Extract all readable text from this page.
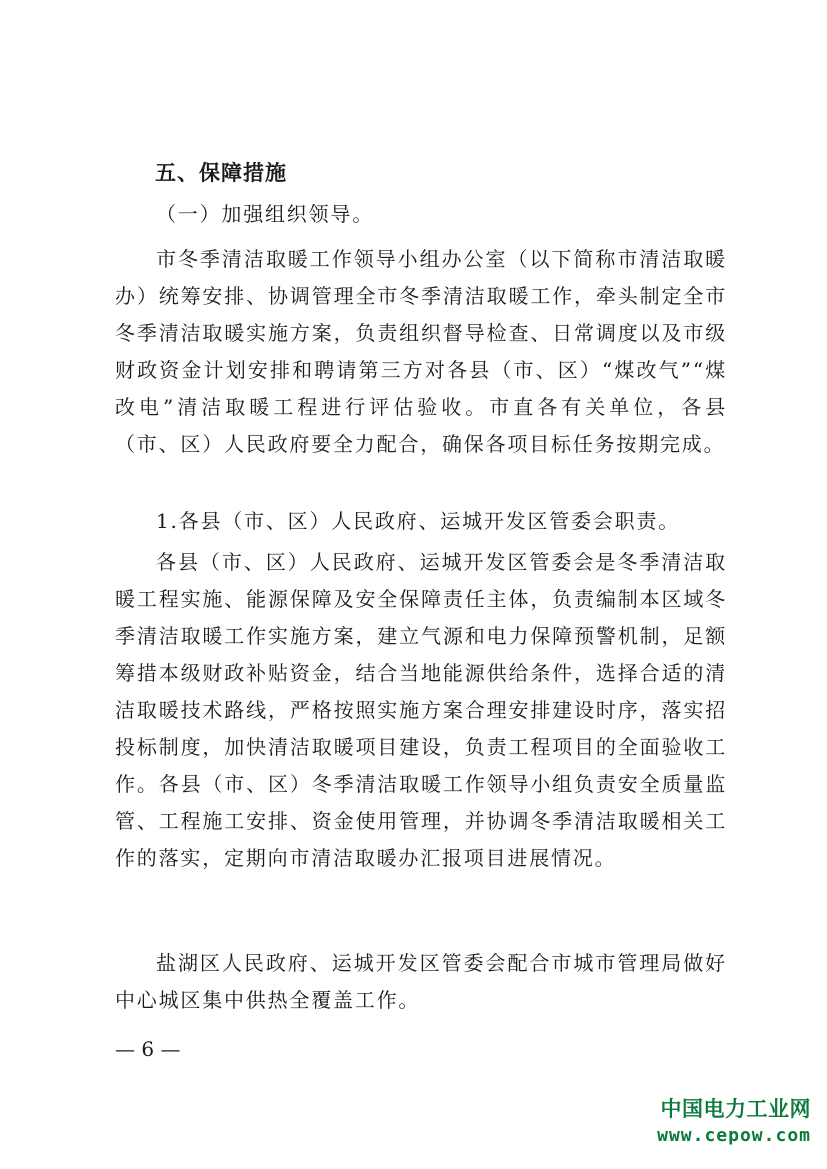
五、保障措施

（一）加强组织领导。

市冬季清洁取暖工作领导小组办公室（以下简称市清洁取暖办）统筹安排、协调管理全市冬季清洁取暖工作，牵头制定全市冬季清洁取暖实施方案，负责组织督导检查、日常调度以及市级财政资金计划安排和聘请第三方对各县（市、区）“煤改气”“煤改电”清洁取暖工程进行评估验收。市直各有关单位，各县（市、区）人民政府要全力配合，确保各项目标任务按期完成。

1.各县（市、区）人民政府、运城开发区管委会职责。

各县（市、区）人民政府、运城开发区管委会是冬季清洁取暖工程实施、能源保障及安全保障责任主体，负责编制本区域冬季清洁取暖工作实施方案，建立气源和电力保障预警机制，足额筹措本级财政补贴资金，结合当地能源供给条件，选择合适的清洁取暖技术路线，严格按照实施方案合理安排建设时序，落实招投标制度，加快清洁取暖项目建设，负责工程项目的全面验收工作。各县（市、区）冬季清洁取暖工作领导小组负责安全质量监管、工程施工安排、资金使用管理，并协调冬季清洁取暖相关工作的落实，定期向市清洁取暖办汇报项目进展情况。

盐湖区人民政府、运城开发区管委会配合市城市管理局做好中心城区集中供热全覆盖工作。

— 6 —
中国电力工业网
www.cepow.com
